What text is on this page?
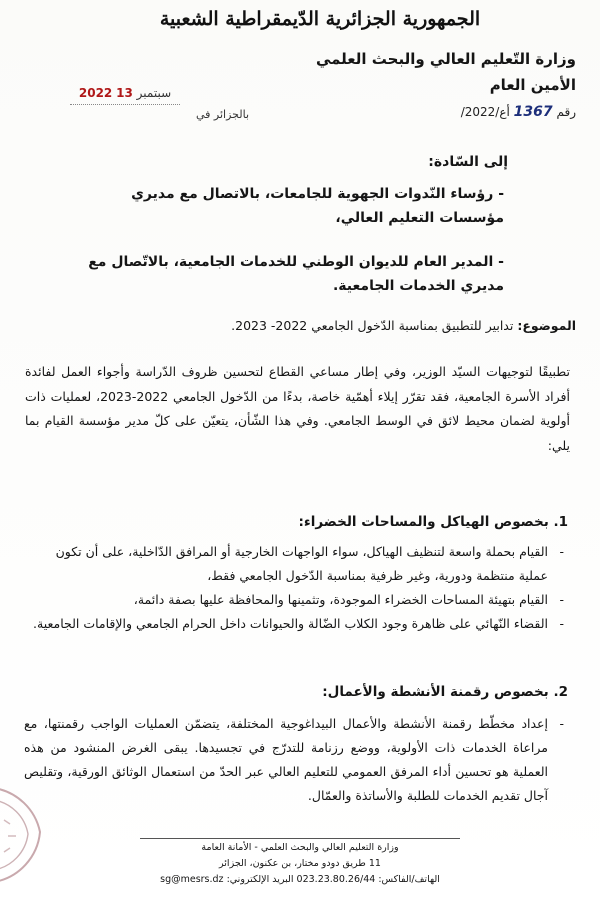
الجمهورية الجزائرية الدّيمقراطية الشعبية
وزارة التّعليم العالي والبحث العلمي
الأمين العام
2022 سبتمبر 13
بالجزائر في	رقم 1367 أع/2022/
إلى السّادة:
- رؤساء النّدوات الجهوية للجامعات، بالاتصال مع مديري مؤسسات التعليم العالي،
- المدير العام للديوان الوطني للخدمات الجامعية، بالاتّصال مع مديري الخدمات الجامعية.
الموضوع: تدابير للتطبيق بمناسبة الدّخول الجامعي 2022- 2023.
تطبيقًا لتوجيهات السيّد الوزير، وفي إطار مساعي القطاع لتحسين ظروف الدّراسة وأجواء العمل لفائدة أفراد الأسرة الجامعية، فقد تقرّر إيلاء أهمّية خاصة، بدءًا من الدّخول الجامعي 2022-2023، لعمليات ذات أولوية لضمان محيط لائق في الوسط الجامعي. وفي هذا الشّأن، يتعيّن على كلّ مدير مؤسسة القيام بما يلي:
1. بخصوص الهياكل والمساحات الخضراء:
- القيام بحملة واسعة لتنظيف الهياكل، سواء الواجهات الخارجية أو المرافق الدّاخلية، على أن تكون عملية منتظمة ودورية، وغير ظرفية بمناسبة الدّخول الجامعي فقط،
- القيام بتهيئة المساحات الخضراء الموجودة، وتثمينها والمحافظة عليها بصفة دائمة،
- القضاء النّهائي على ظاهرة وجود الكلاب الضّالة والحيوانات داخل الحرام الجامعي والإقامات الجامعية.
2. بخصوص رقمنة الأنشطة والأعمال:
- إعداد مخطّط رقمنة الأنشطة والأعمال البيداغوجية المختلفة، يتضمّن العمليات الواجب رقمنتها، مع مراعاة الخدمات ذات الأولوية، ووضع رزنامة للتدرّج في تجسيدها. يبقى الغرض المنشود من هذه العملية هو تحسين أداء المرفق العمومي للتعليم العالي عبر الحدّ من استعمال الوثائق الورقية، وتقليص آجال تقديم الخدمات للطلبة والأساتذة والعمّال.
وزارة التعليم العالي والبحث العلمي - الأمانة العامة
11 طريق دودو مختار، بن عكنون، الجزائر
الهاتف/الفاكس: 023.23.80.26/44 البريد الإلكتروني: sg@mesrs.dz
